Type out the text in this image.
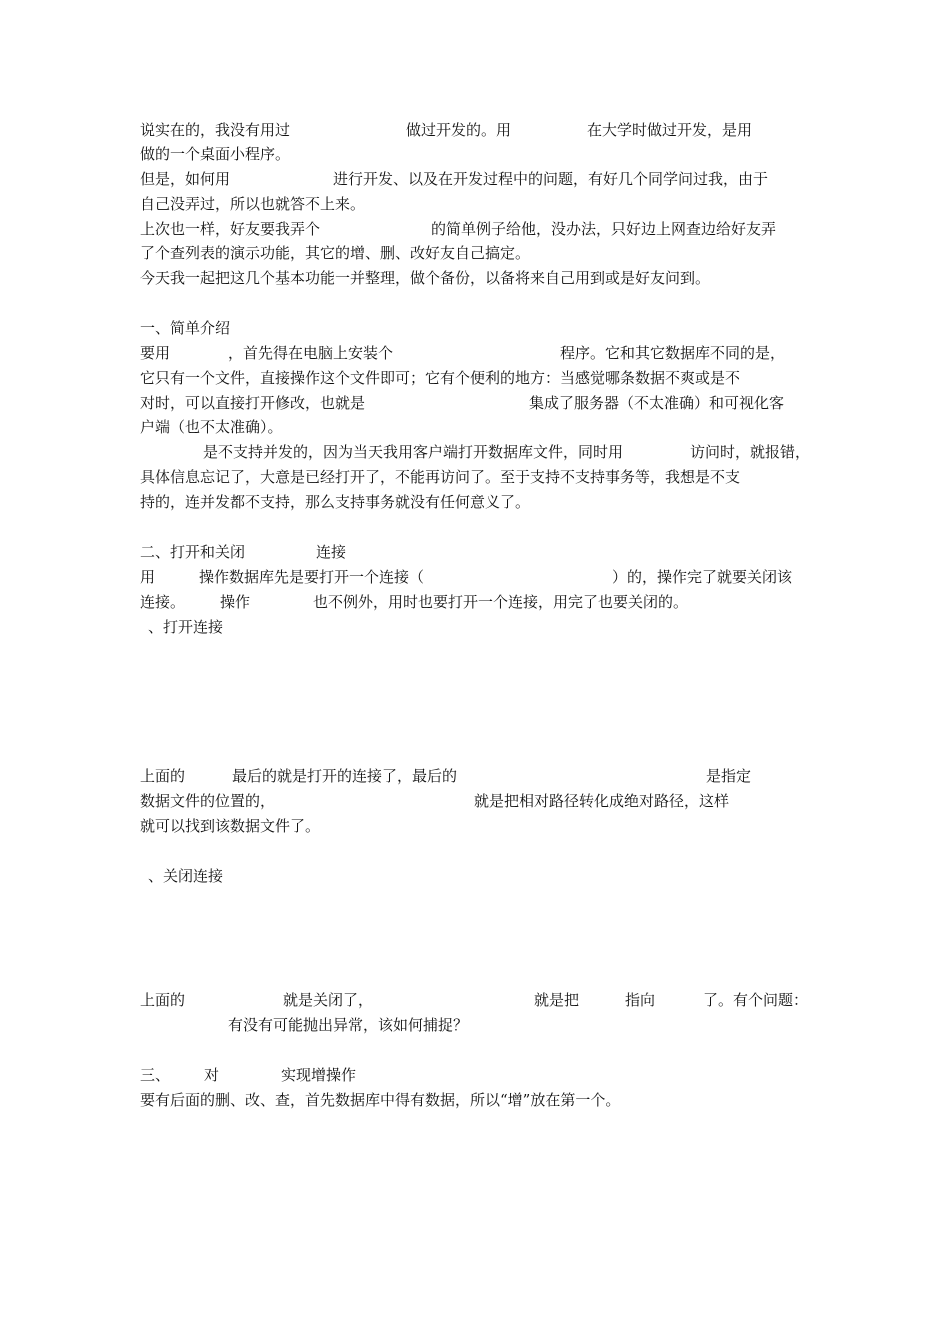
说实在的，我没有用过	做过开发的。用	在大学时做过开发，是用
做的一个桌面小程序。
但是，如何用	进行开发、以及在开发过程中的问题，有好几个同学问过我，由于
自己没弄过，所以也就答不上来。
上次也一样，好友要我弄个	的简单例子给他，没办法，只好边上网查边给好友弄
了个查列表的演示功能，其它的增、删、改好友自己搞定。
今天我一起把这几个基本功能一并整理，做个备份，以备将来自己用到或是好友问到。
一、简单介绍
要用	，首先得在电脑上安装个	程序。它和其它数据库不同的是，
它只有一个文件，直接操作这个文件即可；它有个便利的地方：当感觉哪条数据不爽或是不
对时，可以直接打开修改，也就是	集成了服务器（不太准确）和可视化客
户端（也不太准确）。
是不支持并发的，因为当天我用客户端打开数据库文件，同时用	访问时，就报错，
具体信息忘记了，大意是已经打开了，不能再访问了。至于支持不支持事务等，我想是不支
持的，连并发都不支持，那么支持事务就没有任何意义了。
二、打开和关闭	连接
用	操作数据库先是要打开一个连接（	）的，操作完了就要关闭该
连接。 操作	也不例外，用时也要打开一个连接，用完了也要关闭的。
、打开连接
上面的	最后的就是打开的连接了，最后的	是指定
数据文件的位置的，	就是把相对路径转化成绝对路径，这样
就可以找到该数据文件了。
、关闭连接
上面的	就是关闭了，	就是把	指向	了。有个问题：
有没有可能抛出异常，该如何捕捉？
三、 对	实现增操作
要有后面的删、改、查，首先数据库中得有数据，所以“增”放在第一个。
